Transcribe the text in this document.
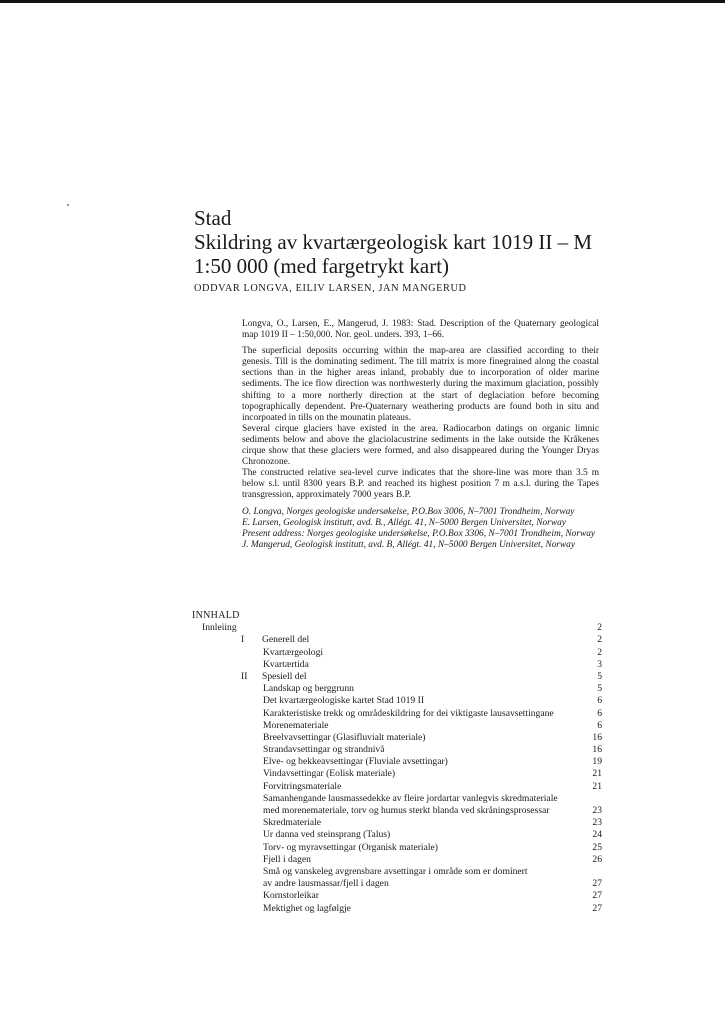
Stad
Skildring av kvartærgeologisk kart 1019 II – M
1:50 000 (med fargetrykt kart)
ODDVAR LONGVA, EILIV LARSEN, JAN MANGERUD

Longva, O., Larsen, E., Mangerud, J. 1983: Stad. Description of the Quaternary geological map 1019 II – 1:50,000. Nor. geol. unders. 393, 1–66.

The superficial deposits occurring within the map-area are classified according to their genesis. Till is the dominating sediment. The till matrix is more finegrained along the coastal sections than in the higher areas inland, probably due to incorporation of older marine sediments. The ice flow direction was northwesterly during the maximum glaciation, possibly shifting to a more northerly direction at the start of deglaciation before becoming topographically dependent. Pre-Quaternary weathering products are found both in situ and incorpoated in tills on the mounatin plateaus.

Several cirque glaciers have existed in the area. Radiocarbon datings on organic limnic sediments below and above the glaciolacustrine sediments in the lake outside the Kråkenes cirque show that these glaciers were formed, and also disappeared during the Younger Dryas Chronozone.

The constructed relative sea-level curve indicates that the shore-line was more than 3.5 m below s.l. until 8300 years B.P. and reached its highest position 7 m a.s.l. during the Tapes transgression, approximately 7000 years B.P.

O. Longva, Norges geologiske undersøkelse, P.O.Box 3006, N–7001 Trondheim, Norway

E. Larsen, Geologisk institutt, avd. B., Allégt. 41, N–5000 Bergen Universitet, Norway

Present address: Norges geologiske undersøkelse, P.O.Box 3306, N–7001 Trondheim, Norway

J. Mangerud, Geologisk institutt, avd. B, Allégt. 41, N–5000 Bergen Universitet, Norway

INNHALD
Innleiing	2
I Generell del	2
Kvartærgeologi	2
Kvartærtida	3
II Spesiell del	5
Landskap og berggrunn	5
Det kvartærgeologiske kartet Stad 1019 II	6
Karakteristiske trekk og områdeskildring for dei viktigaste lausavsettingane	6
Morenemateriale	6
Breelvavsettingar (Glasifluvialt materiale)	16
Strandavsettingar og strandnivå	16
Elve- og bekkeavsettingar (Fluviale avsettingar)	19
Vindavsettingar (Eolisk materiale)	21
Forvitringsmateriale	21
Samanhengande lausmassedekke av fleire jordartar vanlegvis skredmateriale
med morenemateriale, torv og humus sterkt blanda ved skråningsprosessar	23
Skredmateriale	23
Ur danna ved steinsprang (Talus)	24
Torv- og myravsettingar (Organisk materiale)	25
Fjell i dagen	26
Små og vanskeleg avgrensbare avsettingar i område som er dominert
av andre lausmassar/fjell i dagen	27
Kornstorleikar	27
Mektighet og lagfølgje	27
